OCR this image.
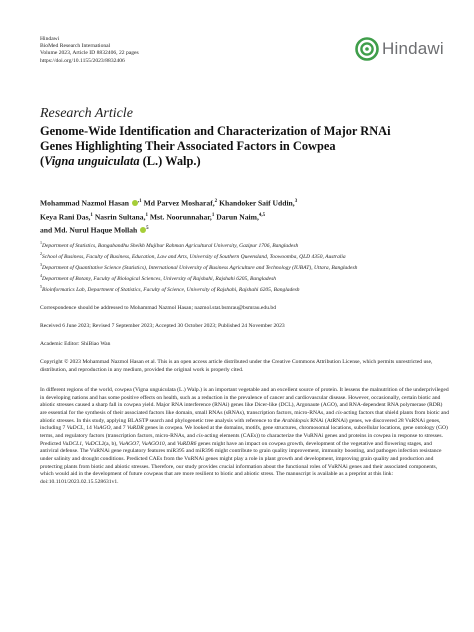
Hindawi
BioMed Research International
Volume 2023, Article ID 8832406, 22 pages
https://doi.org/10.1155/2023/8832406
Hindawi
Research Article
Genome-Wide Identification and Characterization of Major RNAi
Genes Highlighting Their Associated Factors in Cowpea
(Vigna unguiculata (L.) Walp.)
Mohammad Nazmol Hasan $^{,1}$ Md Parvez Mosharaf,$^2$ Khandoker Saif Uddin,$^3$
Keya Rani Das,$^1$ Nasrin Sultana,$^1$ Mst. Noorunnahar,$^1$ Darun Naim,$^{4,5}$
and Md. Nurul Haque Mollah $^5$
$^1$Department of Statistics, Bangabandhu Sheikh Mujibur Rahman Agricultural University, Gazipur 1706, Bangladesh
$^2$School of Business, Faculty of Business, Education, Law and Arts, University of Southern Queensland, Toowoomba, QLD 4350, Australia
$^3$Department of Quantitative Science (Statistics), International University of Business Agriculture and Technology (IUBAT), Uttara, Bangladesh
$^4$Department of Botany, Faculty of Biological Sciences, University of Rajshahi, Rajshahi 6205, Bangladesh
$^5$Bioinformatics Lab, Department of Statistics, Faculty of Science, University of Rajshahi, Rajshahi 6205, Bangladesh
Correspondence should be addressed to Mohammad Nazmol Hasan; nazmol.stat.bsmrau@bsmrau.edu.bd
Received 6 June 2023; Revised 7 September 2023; Accepted 30 October 2023; Published 24 November 2023
Academic Editor: ShiBiao Wan
Copyright © 2023 Mohammad Nazmol Hasan et al. This is an open access article distributed under the Creative Commons Attribution License, which permits unrestricted use, distribution, and reproduction in any medium, provided the original work is properly cited.
In different regions of the world, cowpea (Vigna unguiculata (L.) Walp.) is an important vegetable and an excellent source of protein. It lessens the malnutrition of the underprivileged in developing nations and has some positive effects on health, such as a reduction in the prevalence of cancer and cardiovascular disease. However, occasionally, certain biotic and abiotic stresses caused a sharp fall in cowpea yield. Major RNA interference (RNAi) genes like Dicer-like (DCL), Argonaute (AGO), and RNA-dependent RNA polymerase (RDR) are essential for the synthesis of their associated factors like domain, small RNAs (sRNAs), transcription factors, micro-RNAs, and cis-acting factors that shield plants from biotic and abiotic stresses. In this study, applying BLASTP search and phylogenetic tree analysis with reference to the Arabidopsis RNAi (AtRNAi) genes, we discovered 28 VuRNAi genes, including 7 VuDCL, 14 VuAGO, and 7 VuRDR genes in cowpea. We looked at the domains, motifs, gene structures, chromosomal locations, subcellular locations, gene ontology (GO) terms, and regulatory factors (transcription factors, micro-RNAs, and cis-acting elements (CAEs)) to characterize the VuRNAi genes and proteins in cowpea in response to stresses. Predicted VuDCL1, VuDCL2(a, b), VuAGO7, VuAGO10, and VuRDR6 genes might have an impact on cowpea growth, development of the vegetative and flowering stages, and antiviral defense. The VuRNAi gene regulatory features miR395 and miR396 might contribute to grain quality improvement, immunity boosting, and pathogen infection resistance under salinity and drought conditions. Predicted CAEs from the VuRNAi genes might play a role in plant growth and development, improving grain quality and production and protecting plants from biotic and abiotic stresses. Therefore, our study provides crucial information about the functional roles of VuRNAi genes and their associated components, which would aid in the development of future cowpeas that are more resilient to biotic and abiotic stress. The manuscript is available as a preprint at this link: doi:10.1101/2023.02.15.528631v1.
